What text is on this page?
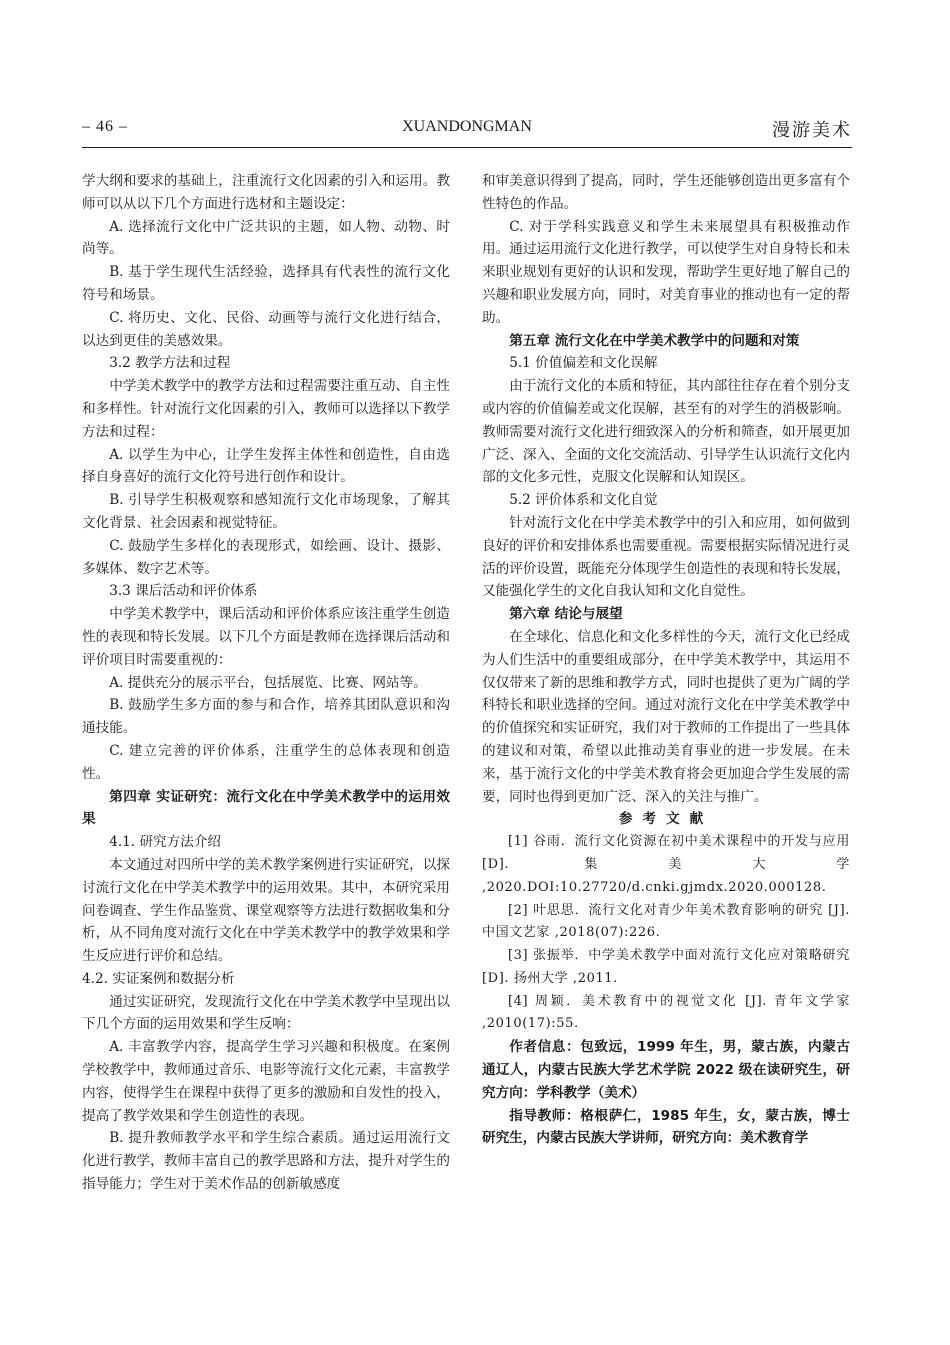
– 46 –	XUANDONGMAN	漫游美术

学大纲和要求的基础上，注重流行文化因素的引入和运用。教师可以从以下几个方面进行选材和主题设定：

A. 选择流行文化中广泛共识的主题，如人物、动物、时尚等。

B. 基于学生现代生活经验，选择具有代表性的流行文化符号和场景。

C. 将历史、文化、民俗、动画等与流行文化进行结合，以达到更佳的美感效果。

3.2 教学方法和过程

中学美术教学中的教学方法和过程需要注重互动、自主性和多样性。针对流行文化因素的引入，教师可以选择以下教学方法和过程：

A. 以学生为中心，让学生发挥主体性和创造性，自由选择自身喜好的流行文化符号进行创作和设计。

B. 引导学生积极观察和感知流行文化市场现象，了解其文化背景、社会因素和视觉特征。

C. 鼓励学生多样化的表现形式，如绘画、设计、摄影、多媒体、数字艺术等。

3.3 课后活动和评价体系

中学美术教学中，课后活动和评价体系应该注重学生创造性的表现和特长发展。以下几个方面是教师在选择课后活动和评价项目时需要重视的：

A. 提供充分的展示平台，包括展览、比赛、网站等。

B. 鼓励学生多方面的参与和合作，培养其团队意识和沟通技能。

C. 建立完善的评价体系，注重学生的总体表现和创造性。

第四章 实证研究：流行文化在中学美术教学中的运用效果

4.1. 研究方法介绍

本文通过对四所中学的美术教学案例进行实证研究，以探讨流行文化在中学美术教学中的运用效果。其中，本研究采用问卷调查、学生作品鉴赏、课堂观察等方法进行数据收集和分析，从不同角度对流行文化在中学美术教学中的教学效果和学生反应进行评价和总结。

4.2. 实证案例和数据分析

通过实证研究，发现流行文化在中学美术教学中呈现出以下几个方面的运用效果和学生反响：

A. 丰富教学内容，提高学生学习兴趣和积极度。在案例学校教学中，教师通过音乐、电影等流行文化元素，丰富教学内容，使得学生在课程中获得了更多的激励和自发性的投入，提高了教学效果和学生创造性的表现。

B. 提升教师教学水平和学生综合素质。通过运用流行文化进行教学，教师丰富自己的教学思路和方法，提升对学生的指导能力；学生对于美术作品的创新敏感度

和审美意识得到了提高，同时，学生还能够创造出更多富有个性特色的作品。

C. 对于学科实践意义和学生未来展望具有积极推动作用。通过运用流行文化进行教学，可以使学生对自身特长和未来职业规划有更好的认识和发现，帮助学生更好地了解自己的兴趣和职业发展方向，同时，对美育事业的推动也有一定的帮助。

第五章 流行文化在中学美术教学中的问题和对策

5.1 价值偏差和文化误解

由于流行文化的本质和特征，其内部往往存在着个别分支或内容的价值偏差或文化误解，甚至有的对学生的消极影响。教师需要对流行文化进行细致深入的分析和筛查，如开展更加广泛、深入、全面的文化交流活动、引导学生认识流行文化内部的文化多元性，克服文化误解和认知误区。

5.2 评价体系和文化自觉

针对流行文化在中学美术教学中的引入和应用，如何做到良好的评价和安排体系也需要重视。需要根据实际情况进行灵活的评价设置，既能充分体现学生创造性的表现和特长发展，又能强化学生的文化自我认知和文化自觉性。

第六章 结论与展望

在全球化、信息化和文化多样性的今天，流行文化已经成为人们生活中的重要组成部分，在中学美术教学中，其运用不仅仅带来了新的思维和教学方式，同时也提供了更为广阔的学科特长和职业选择的空间。通过对流行文化在中学美术教学中的价值探究和实证研究，我们对于教师的工作提出了一些具体的建议和对策，希望以此推动美育事业的进一步发展。在未来，基于流行文化的中学美术教育将会更加迎合学生发展的需要，同时也得到更加广泛、深入的关注与推广。

参考文献

[1] 谷雨．流行文化资源在初中美术课程中的开发与应用 [D]. 集美大学 ,2020.DOI:10.27720/d.cnki.gjmdx.2020.000128.

[2] 叶思思．流行文化对青少年美术教育影响的研究 [J]. 中国文艺家 ,2018(07):226.

[3] 张振举．中学美术教学中面对流行文化应对策略研究 [D]. 扬州大学 ,2011.

[4] 周颖．美术教育中的视觉文化 [J]. 青年文学家 ,2010(17):55.

作者信息：包致远，1999 年生，男，蒙古族，内蒙古通辽人，内蒙古民族大学艺术学院 2022 级在读研究生，研究方向：学科教学（美术）

指导教师：格根萨仁，1985 年生，女，蒙古族，博士研究生，内蒙古民族大学讲师，研究方向：美术教育学
